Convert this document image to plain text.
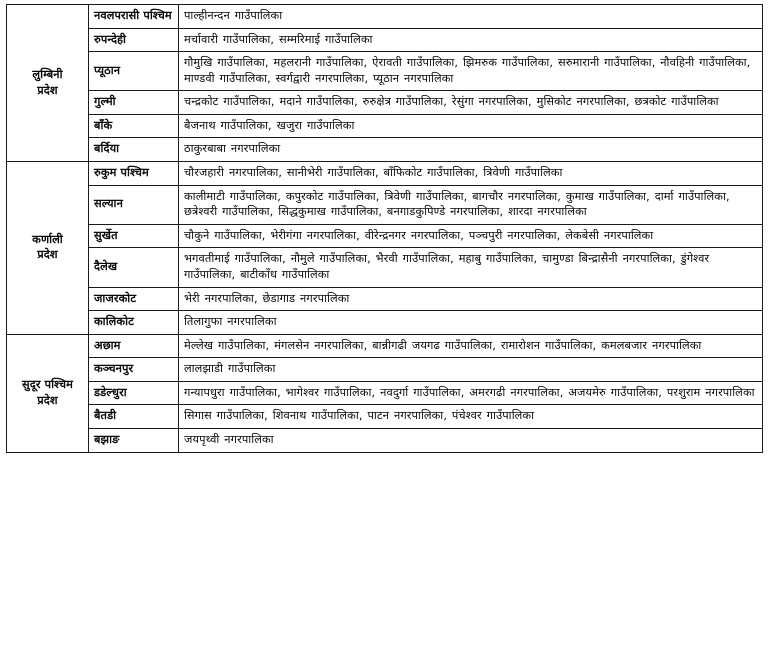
लुम्बिनी
प्रदेश	नवलपरासी पश्चिम	पाल्हीनन्दन गाउँपालिका
	रुपन्देही	मर्चावारी गाउँपालिका, सम्मरिमाई गाउँपालिका
	प्यूठान	गौमुखि गाउँपालिका, महलरानी गाउँपालिका, ऐरावती गाउँपालिका, झिमरुक गाउँपालिका, सरुमारानी गाउँपालिका, नौवहिनी गाउँपालिका, माण्डवी गाउँपालिका, स्वर्गद्वारी नगरपालिका, प्यूठान नगरपालिका
	गुल्मी	चन्द्रकोट गाउँपालिका, मदाने गाउँपालिका, रुरुक्षेत्र गाउँपालिका, रेसुंगा नगरपालिका, मुसिकोट नगरपालिका, छत्रकोट गाउँपालिका
	बाँके	बैजनाथ गाउँपालिका, खजुरा गाउँपालिका
	बर्दिया	ठाकुरबाबा नगरपालिका
कर्णाली
प्रदेश	रुकुम पश्चिम	चौरजहारी नगरपालिका, सानीभेरी गाउँपालिका, बाँफिकोट गाउँपालिका, त्रिवेणी गाउँपालिका
	सल्यान	कालीमाटी गाउँपालिका, कपुरकोट गाउँपालिका, त्रिवेणी गाउँपालिका, बागचौर नगरपालिका, कुमाख गाउँपालिका, दार्मा गाउँपालिका, छत्रेश्वरी गाउँपालिका, सिद्धकुमाख गाउँपालिका, बनगाडकुपिण्डे नगरपालिका, शारदा नगरपालिका
	सुर्खेत	चौकुने गाउँपालिका, भेरीगंगा नगरपालिका, वीरेन्द्रनगर नगरपालिका, पञ्चपुरी नगरपालिका, लेकबेसी नगरपालिका
	दैलेख	भगवतीमाई गाउँपालिका, नौमुले गाउँपालिका, भैरवी गाउँपालिका, महाबु गाउँपालिका, चामुण्डा बिन्द्रासैनी नगरपालिका, डुंगेश्वर गाउँपालिका, बाटीकाँध गाउँपालिका
	जाजरकोट	भेरी नगरपालिका, छेडागाड नगरपालिका
	कालिकोट	तिलागुफा नगरपालिका
सुदूर पश्चिम प्रदेश	अछाम	मेल्लेख गाउँपालिका, मंगलसेन नगरपालिका, बान्नीगढी जयगढ गाउँपालिका, रामारोशन गाउँपालिका, कमलबजार नगरपालिका
	कञ्चनपुर	लालझाडी गाउँपालिका
	डडेल्धुरा	गन्यापधुरा गाउँपालिका, भागेश्वर गाउँपालिका, नवदुर्गा गाउँपालिका, अमरगढी नगरपालिका, अजयमेरु गाउँपालिका, परशुराम नगरपालिका
	बैतडी	सिगास गाउँपालिका, शिवनाथ गाउँपालिका, पाटन नगरपालिका, पंचेश्वर गाउँपालिका
	बझाङ	जयपृथ्वी नगरपालिका
